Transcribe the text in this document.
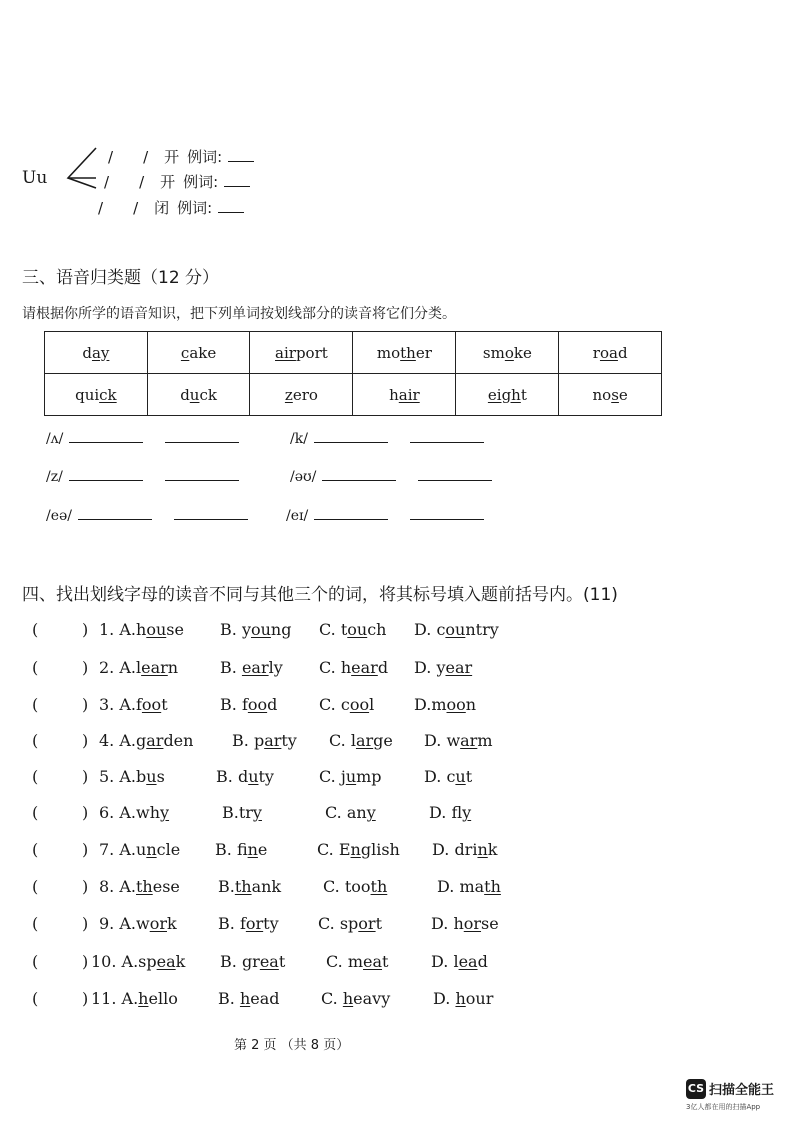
Uu
/ / 开 例词:
/ / 开 例词:
/ / 闭 例词:
三、语音归类题（12 分）
请根据你所学的语音知识，把下列单词按划线部分的读音将它们分类。
day	cake	airport	mother	smoke	road
quick	duck	zero	hair	eight	nose
/ʌ/	/k/
/z/	/əʊ/
/eə/	/eɪ/
四、找出划线字母的读音不同与其他三个的词，将其标号填入题前括号内。(11)
(	) 1. A.house B. young C. touch D. country
(	) 2. A.learn	B. early C. heard D. year
(	) 3. A.foot	B. food	C. cool D.moon
(	) 4. A.garden B. party C. large D. warm
(	) 5. A.bus	B. duty	C. jump	D. cut
(	) 6. A.why	B.try	C. any	D. fly
(	) 7. A.uncle B. fine	C. English D. drink
(	) 8. A.these B.thank	C. tooth	D. math
(	) 9. A.work	B. forty C. sport	D. horse
(	) 10. A.speak B. great	C. meat	D. lead
(	) 11. A.hello	B. head	C. heavy	D. hour
第 2 页 （共 8 页）
CS 扫描全能王
3亿人都在用的扫描App
